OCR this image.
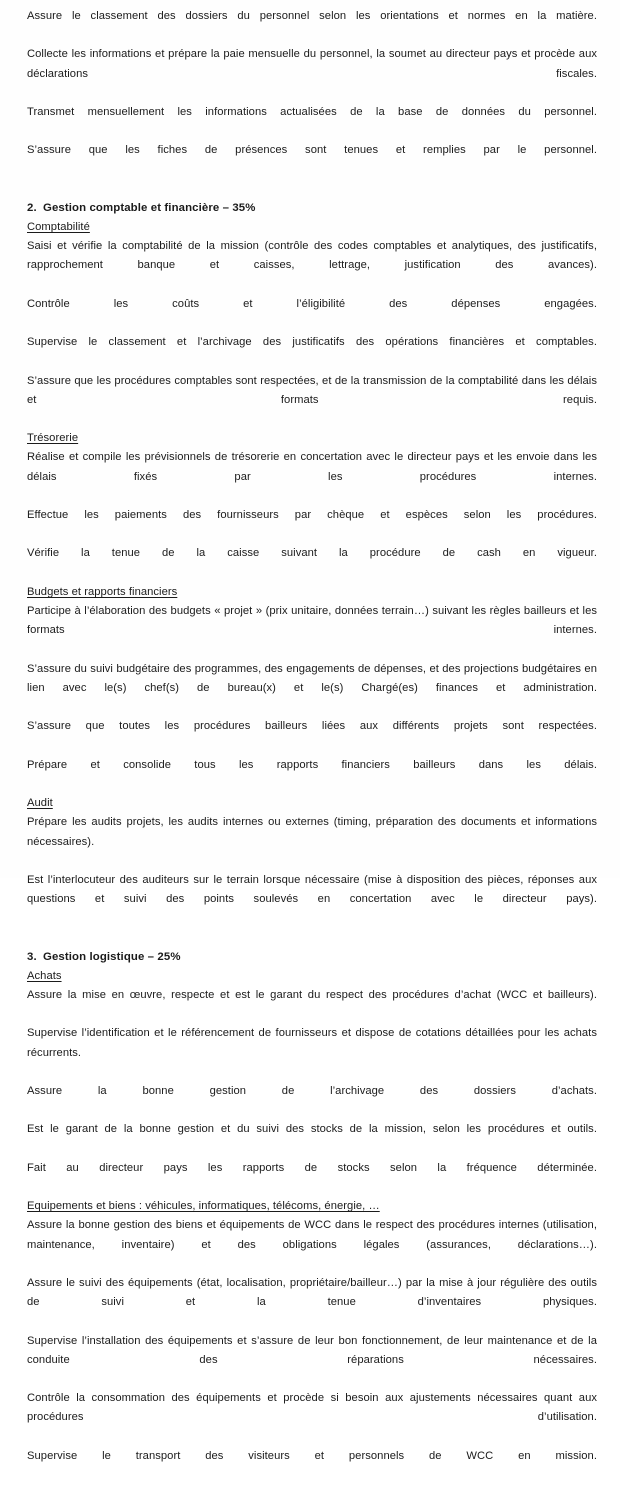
Assure le classement des dossiers du personnel selon les orientations et normes en la matière.

Collecte les informations et prépare la paie mensuelle du personnel, la soumet au directeur pays et procède aux déclarations fiscales.

Transmet mensuellement les informations actualisées de la base de données du personnel.

S’assure que les fiches de présences sont tenues et remplies par le personnel.

2. Gestion comptable et financière – 35%

Comptabilité

Saisi et vérifie la comptabilité de la mission (contrôle des codes comptables et analytiques, des justificatifs, rapprochement banque et caisses, lettrage, justification des avances).

Contrôle les coûts et l’éligibilité des dépenses engagées.

Supervise le classement et l’archivage des justificatifs des opérations financières et comptables.

S’assure que les procédures comptables sont respectées, et de la transmission de la comptabilité dans les délais et formats requis.

Trésorerie

Réalise et compile les prévisionnels de trésorerie en concertation avec le directeur pays et les envoie dans les délais fixés par les procédures internes.

Effectue les paiements des fournisseurs par chèque et espèces selon les procédures.

Vérifie la tenue de la caisse suivant la procédure de cash en vigueur.

Budgets et rapports financiers

Participe à l’élaboration des budgets « projet » (prix unitaire, données terrain…) suivant les règles bailleurs et les formats internes.

S’assure du suivi budgétaire des programmes, des engagements de dépenses, et des projections budgétaires en lien avec le(s) chef(s) de bureau(x) et le(s) Chargé(es) finances et administration.

S’assure que toutes les procédures bailleurs liées aux différents projets sont respectées.

Prépare et consolide tous les rapports financiers bailleurs dans les délais.

Audit

Prépare les audits projets, les audits internes ou externes (timing, préparation des documents et informations nécessaires).

Est l’interlocuteur des auditeurs sur le terrain lorsque nécessaire (mise à disposition des pièces, réponses aux questions et suivi des points soulevés en concertation avec le directeur pays).

3. Gestion logistique – 25%

Achats

Assure la mise en œuvre, respecte et est le garant du respect des procédures d’achat (WCC et bailleurs).

Supervise l’identification et le référencement de fournisseurs et dispose de cotations détaillées pour les achats récurrents.

Assure la bonne gestion de l’archivage des dossiers d’achats.

Est le garant de la bonne gestion et du suivi des stocks de la mission, selon les procédures et outils.

Fait au directeur pays les rapports de stocks selon la fréquence déterminée.

Equipements et biens : véhicules, informatiques, télécoms, énergie, …

Assure la bonne gestion des biens et équipements de WCC dans le respect des procédures internes (utilisation, maintenance, inventaire) et des obligations légales (assurances, déclarations…).

Assure le suivi des équipements (état, localisation, propriétaire/bailleur…) par la mise à jour régulière des outils de suivi et la tenue d’inventaires physiques.

Supervise l’installation des équipements et s’assure de leur bon fonctionnement, de leur maintenance et de la conduite des réparations nécessaires.

Contrôle la consommation des équipements et procède si besoin aux ajustements nécessaires quant aux procédures d’utilisation.

Supervise le transport des visiteurs et personnels de WCC en mission.
